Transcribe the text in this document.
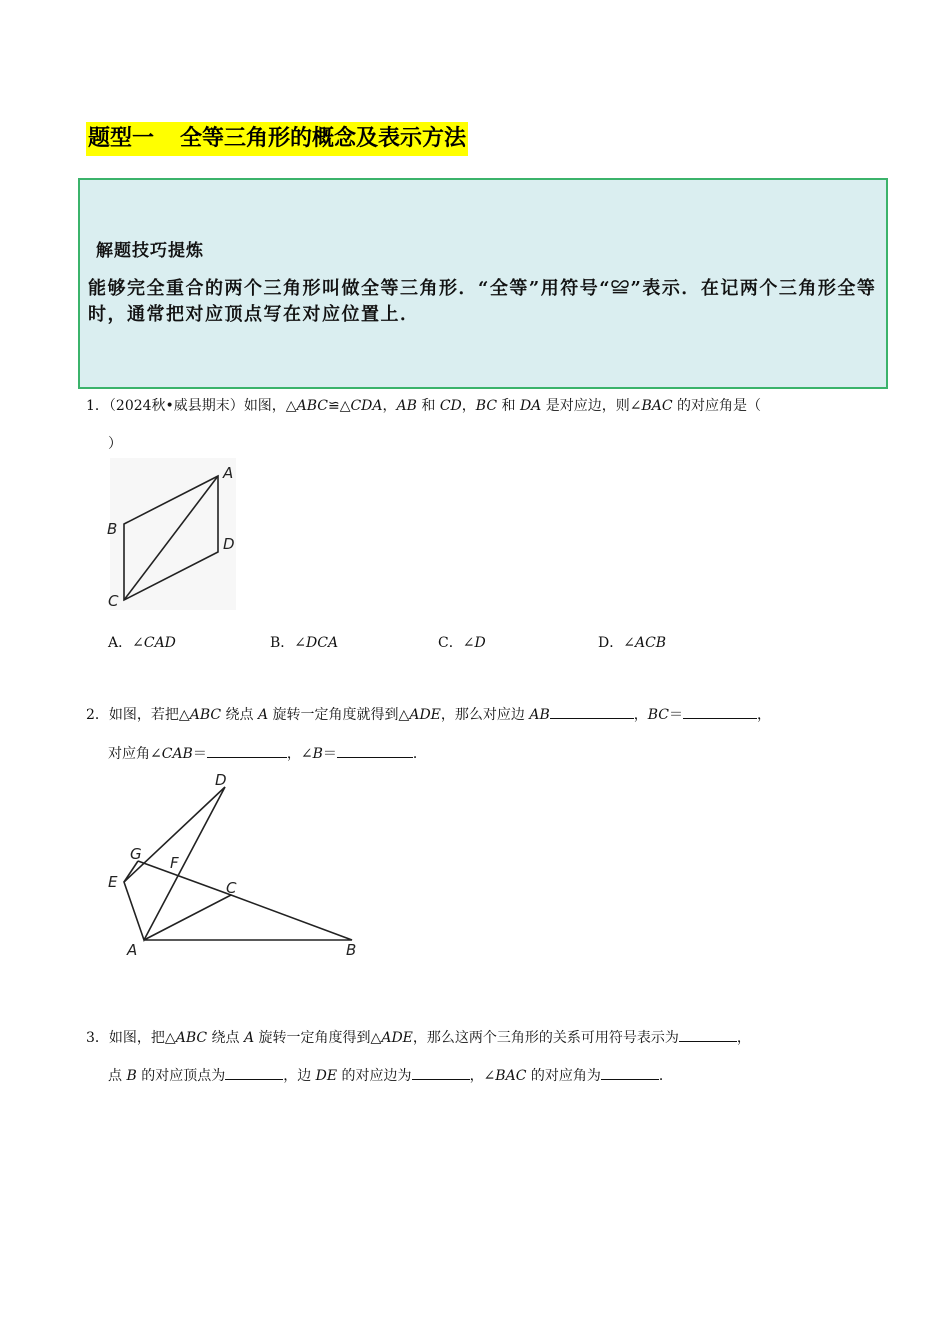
题型一 全等三角形的概念及表示方法
解题技巧提炼
能够完全重合的两个三角形叫做全等三角形．“全等”用符号“≌”表示．在记两个三角形全等时，通常把对应顶点写在对应位置上．
1．（2024秋•威县期末）如图，△ABC≌△CDA，AB 和 CD，BC 和 DA 是对应边，则∠BAC 的对应角是（
）
A
B
C
D
A．∠CAD	B．∠DCA	C．∠D	D．∠ACB
2．如图，若把△ABC 绕点 A 旋转一定角度就得到△ADE，那么对应边 AB	，BC＝	，
对应角∠CAB＝	，∠B＝	．
D
G F
E	C
A	B
3．如图，把△ABC 绕点 A 旋转一定角度得到△ADE，那么这两个三角形的关系可用符号表示为	，
点 B 的对应顶点为	，边 DE 的对应边为	，∠BAC 的对应角为	．
